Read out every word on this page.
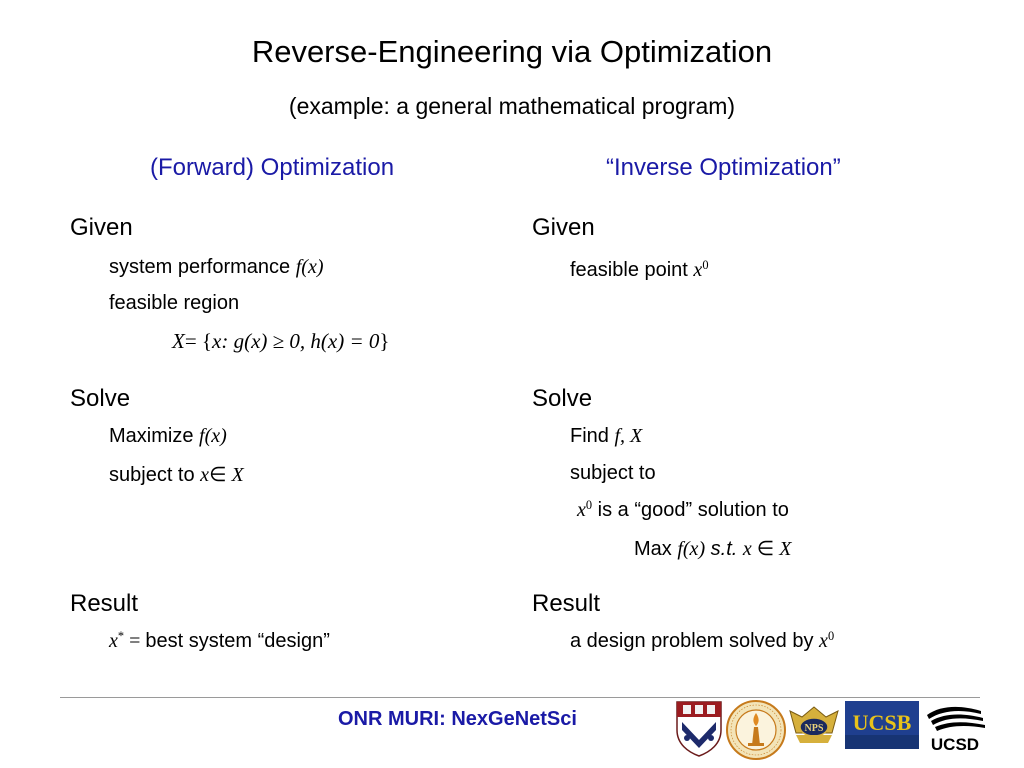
Reverse-Engineering via Optimization
(example: a general mathematical program)
(Forward) Optimization	“Inverse Optimization”
Given
system performance f(x)
feasible region
X= {x: g(x) ≥ 0, h(x) = 0}
Solve
Maximize f(x)
subject to x∈ X
Result
x* = best system “design”
Given
feasible point $x^0$
Solve
Find f, X
subject to
$x^0$ is a “good” solution to
Max f(x) s.t. x ∈ X
Result
a design problem solved by $x^0$
ONR MURI: NexGeNetSci	NPS UCSB
UCSD
